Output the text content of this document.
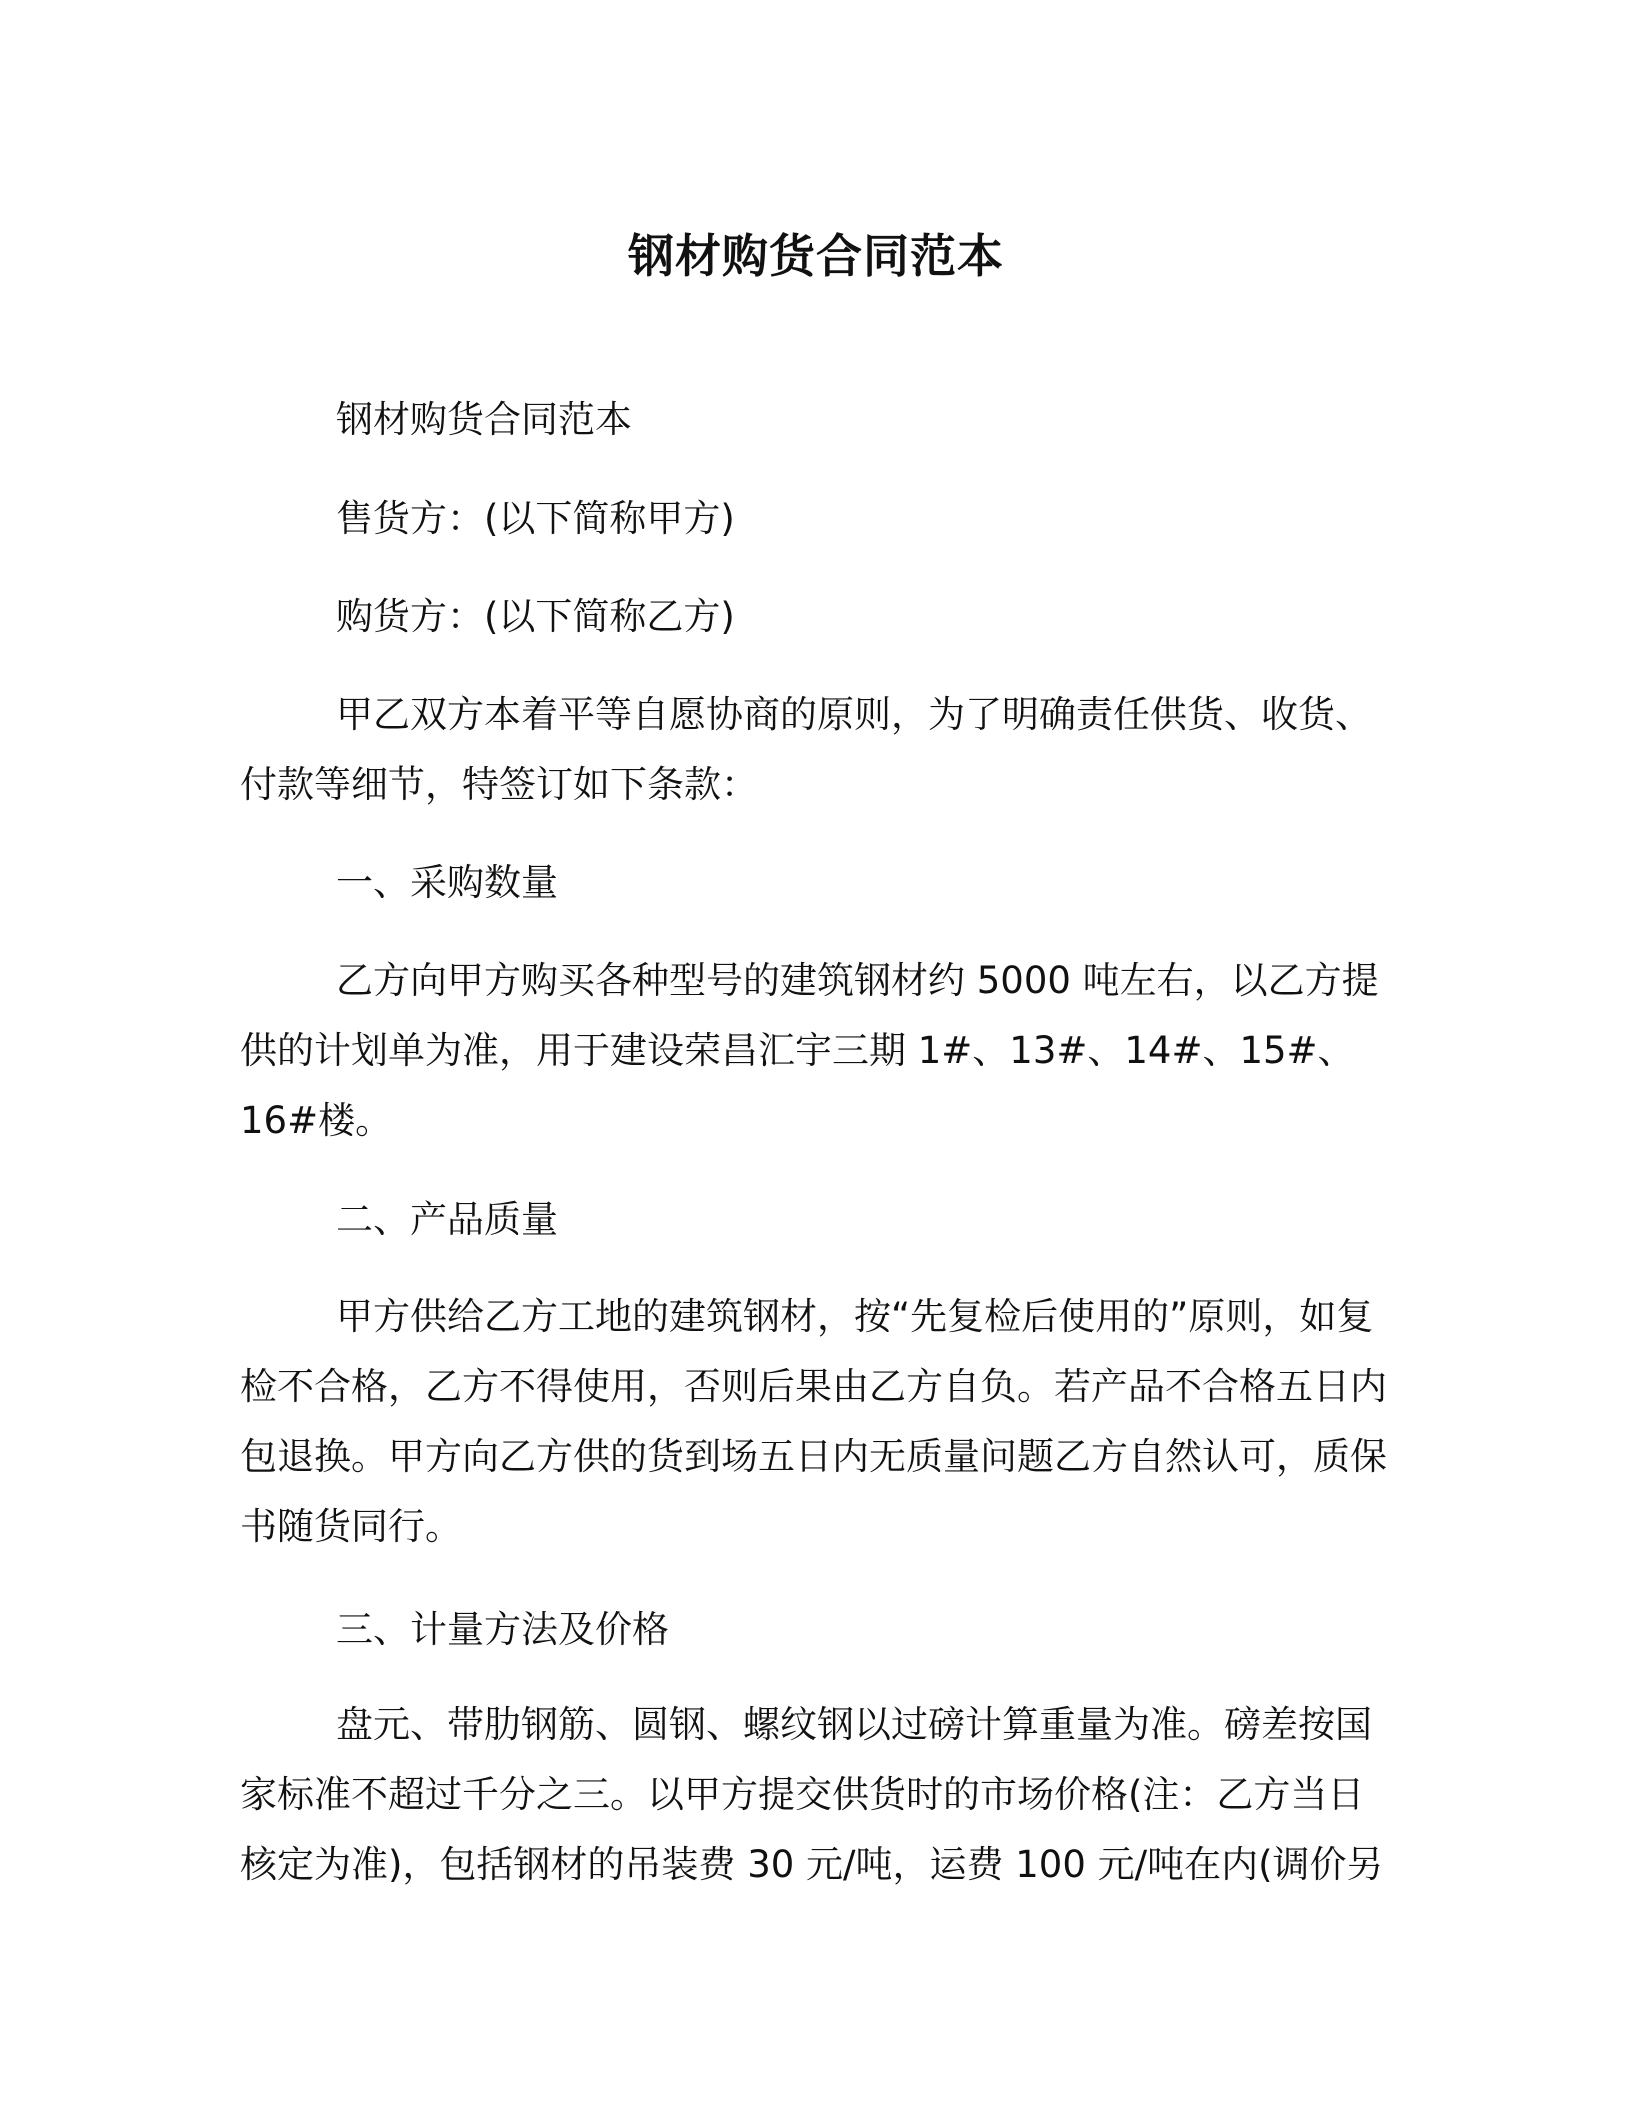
钢材购货合同范本

钢材购货合同范本

售货方：(以下简称甲方)

购货方：(以下简称乙方)

甲乙双方本着平等自愿协商的原则，为了明确责任供货、收货、付款等细节，特签订如下条款：

一、采购数量

乙方向甲方购买各种型号的建筑钢材约 5000 吨左右，以乙方提供的计划单为准，用于建设荣昌汇宇三期 1#、13#、14#、15#、16#楼。

二、产品质量

甲方供给乙方工地的建筑钢材，按“先复检后使用的”原则，如复检不合格，乙方不得使用，否则后果由乙方自负。若产品不合格五日内包退换。甲方向乙方供的货到场五日内无质量问题乙方自然认可，质保书随货同行。

三、计量方法及价格

盘元、带肋钢筋、圆钢、螺纹钢以过磅计算重量为准。磅差按国家标准不超过千分之三。以甲方提交供货时的市场价格(注：乙方当日核定为准)，包括钢材的吊装费 30 元/吨，运费 100 元/吨在内(调价另
